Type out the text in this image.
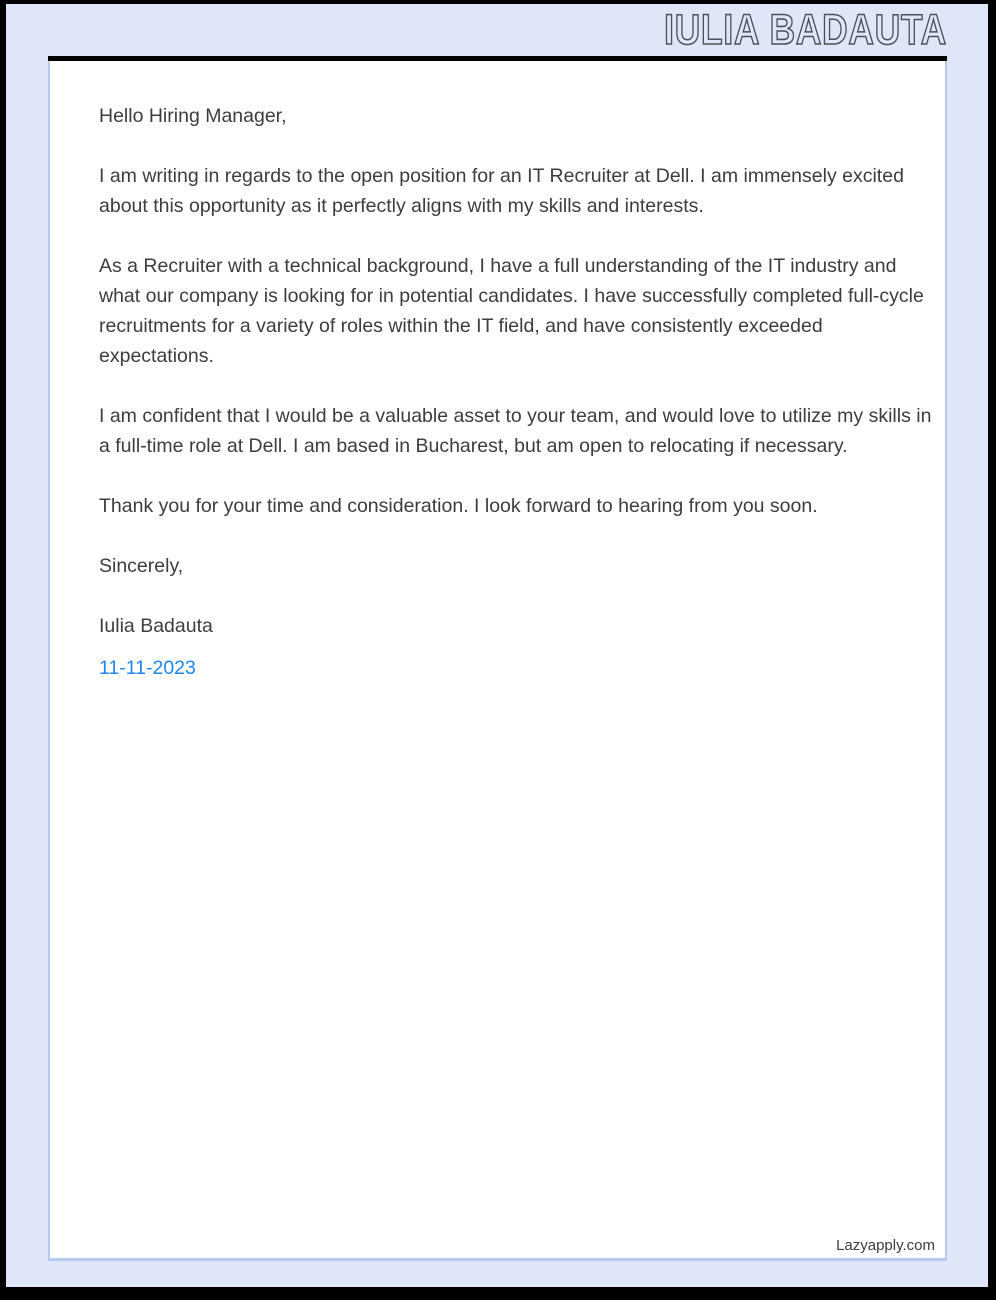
IULIA BADAUTA

Hello Hiring Manager,

I am writing in regards to the open position for an IT Recruiter at Dell. I am immensely excited about this opportunity as it perfectly aligns with my skills and interests.

As a Recruiter with a technical background, I have a full understanding of the IT industry and what our company is looking for in potential candidates. I have successfully completed full-cycle recruitments for a variety of roles within the IT field, and have consistently exceeded expectations.

I am confident that I would be a valuable asset to your team, and would love to utilize my skills in a full-time role at Dell. I am based in Bucharest, but am open to relocating if necessary.

Thank you for your time and consideration. I look forward to hearing from you soon.

Sincerely,

Iulia Badauta

11-11-2023

Lazyapply.com
